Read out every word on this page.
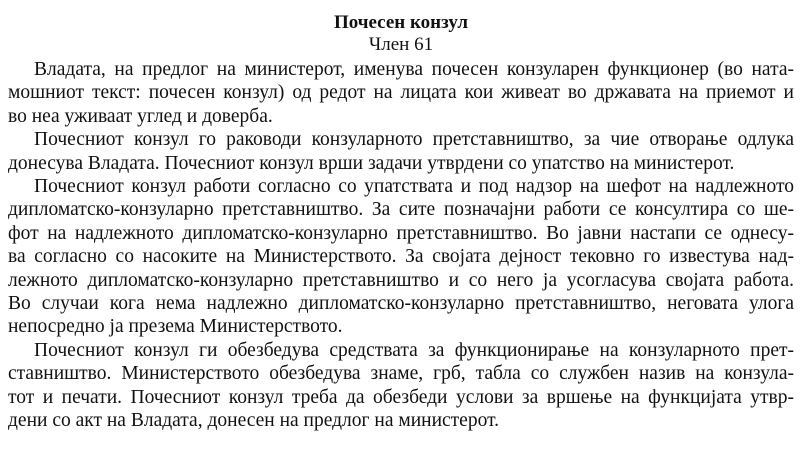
Почесен конзул
Член 61

Владата, на предлог на министерот, именува почесен конзуларен функционер (во ната-
мошниот текст: почесен конзул) од редот на лицата кои живеат во државата на приемот и
во неа уживаат углед и доверба.

Почесниот конзул го раководи конзуларното претставништво, за чие отворање одлука
донесува Владата. Почесниот конзул врши задачи утврдени со упатство на министерот.

Почесниот конзул работи согласно со упатствата и под надзор на шефот на надлежното
дипломатско-конзуларно претставништво. За сите позначајни работи се консултира со ше-
фот на надлежното дипломатско-конзуларно претставништво. Во јавни настапи се однесу-
ва согласно со насоките на Министерството. За својата дејност тековно го известува над-
лежното дипломатско-конзуларно претставништво и со него ја усогласува својата работа.
Во случаи кога нема надлежно дипломатско-конзуларно претставништво, неговата улога
непосредно ја презема Министерството.

Почесниот конзул ги обезбедува средствата за функционирање на конзуларното прет-
ставништво. Министерството обезбедува знаме, грб, табла со службен назив на конзула-
тот и печати. Почесниот конзул треба да обезбеди услови за вршење на функцијата утвр-
дени со акт на Владата, донесен на предлог на министерот.
